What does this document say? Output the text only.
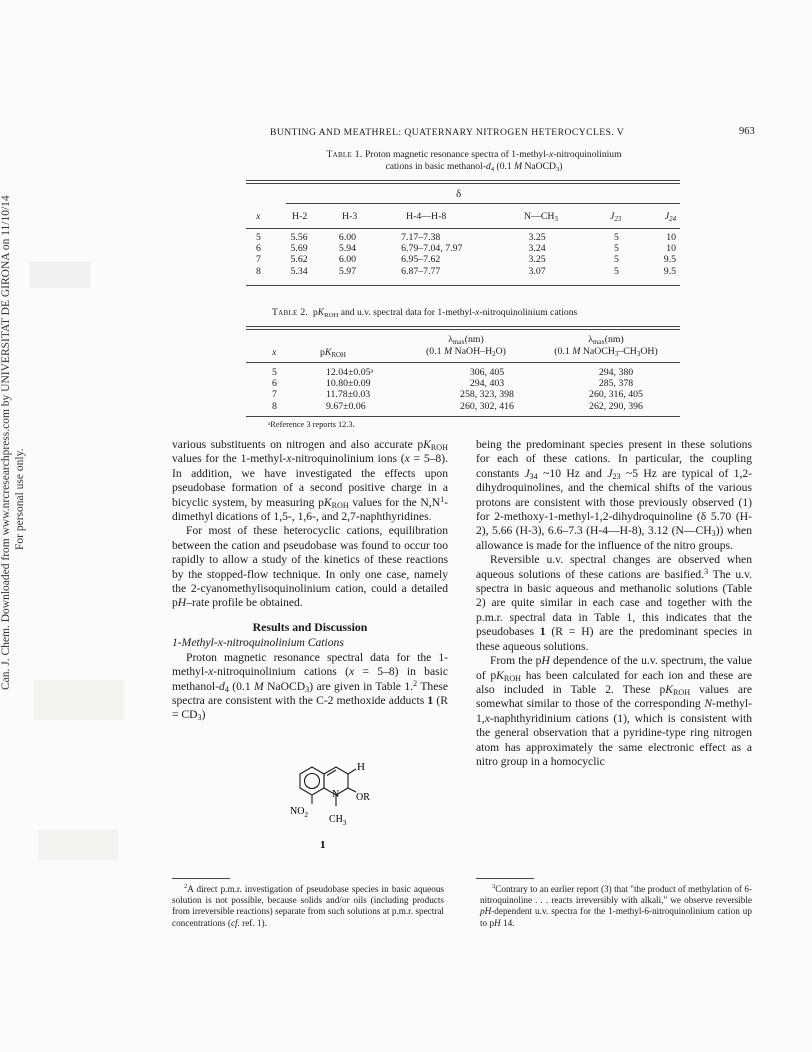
Can. J. Chem. Downloaded from www.nrcresearchpress.com by UNIVERSITAT DE GIRONA on 11/10/14 For personal use only.
BUNTING AND MEATHREL: QUATERNARY NITROGEN HETEROCYCLES. V	963
Table 1. Proton magnetic resonance spectra of 1-methyl-x-nitroquinolinium
cations in basic methanol-$d_4$ (0.1 M NaOCD$_3$)
δ
x	H-2	H-3	H-4—H-8	$N—CH_3$	$J_{23}$	$J_{24}$
5	5.56	6.00	7.17–7.38	3.25	5	10
6	5.69	5.94	6.79–7.04, 7.97	3.24	5	10
7	5.62	6.00	6.95–7.62	3.25	5	9.5
8	5.34	5.97	6.87–7.77	3.07	5	9.5
Table 2.  $pK_{ROH}$ and u.v. spectral data for 1-methyl-x-nitroquinolinium cations
x	$pK_{ROH}$
$\lambda_{max}(nm)$
(0.1 M NaOH–$H_2O$)
$\lambda_{max}(nm)$
(0.1 M $NaOCH_3-CH_3OH$)
5	12.04±0.05ᵃ	306, 405	294, 380
6	10.80±0.09	294, 403	285, 378
7	11.78±0.03	258, 323, 398	260, 316, 405
8	9.67±0.06	260, 302, 416	262, 290, 396
ᵃReference 3 reports 12.3.

various substituents on nitrogen and also accurate $pK_{ROH}$ values for the 1-methyl-x-nitroquinolinium ions (x = 5–8). In addition, we have investigated the effects upon pseudobase formation of a second positive charge in a bicyclic system, by measuring $pK_{ROH}$ values for the $N,N^1$-dimethyl dications of 1,5-, 1,6-, and 2,7-naphthyridines.

For most of these heterocyclic cations, equilibration between the cation and pseudobase was found to occur too rapidly to allow a study of the kinetics of these reactions by the stopped-flow technique. In only one case, namely the 2-cyanomethylisoquinolinium cation, could a detailed pH–rate profile be obtained.

Results and Discussion
1-Methyl-x-nitroquinolinium Cations

Proton magnetic resonance spectral data for the 1-methyl-x-nitroquinolinium cations (x = 5–8) in basic methanol-$d_4$ (0.1 M NaOCD$_3$) are given in Table 1.$^2$ These spectra are consistent with the C-2 methoxide adducts 1 $(R = CD_3)$

H
OR
N
$NO_2$ $CH_3$
1

being the predominant species present in these solutions for each of these cations. In particular, the coupling constants $J_{34}$ ~10 Hz and $J_{23}$ ~5 Hz are typical of 1,2-dihydroquinolines, and the chemical shifts of the various protons are consistent with those previously observed (1) for 2-methoxy-1-methyl-1,2-dihydroquinoline (δ 5.70 (H-2), 5.66 (H-3), 6.6–7.3 (H-4—H-8), 3.12 $(N—CH_3)$) when allowance is made for the influence of the nitro groups.

Reversible u.v. spectral changes are observed when aqueous solutions of these cations are basified.$^3$ The u.v. spectra in basic aqueous and methanolic solutions (Table 2) are quite similar in each case and together with the p.m.r. spectral data in Table 1, this indicates that the pseudobases 1 (R = H) are the predominant species in these aqueous solutions.

From the pH dependence of the u.v. spectrum, the value of $pK_{ROH}$ has been calculated for each ion and these are also included in Table 2. These $pK_{ROH}$ values are somewhat similar to those of the corresponding N-methyl-1,x-naphthyridinium cations (1), which is consistent with the general observation that a pyridine-type ring nitrogen atom has approximately the same electronic effect as a nitro group in a homocyclic

$^2$A direct p.m.r. investigation of pseudobase species in basic aqueous solution is not possible, because solids and/or oils (including products from irreversible reactions) separate from such solutions at p.m.r. spectral concentrations (cf. ref. 1).
$^3$Contrary to an earlier report (3) that "the product of methylation of 6-nitroquinoline . . . reacts irreversibly with alkali," we observe reversible pH-dependent u.v. spectra for the 1-methyl-6-nitroquinolinium cation up to pH 14.
